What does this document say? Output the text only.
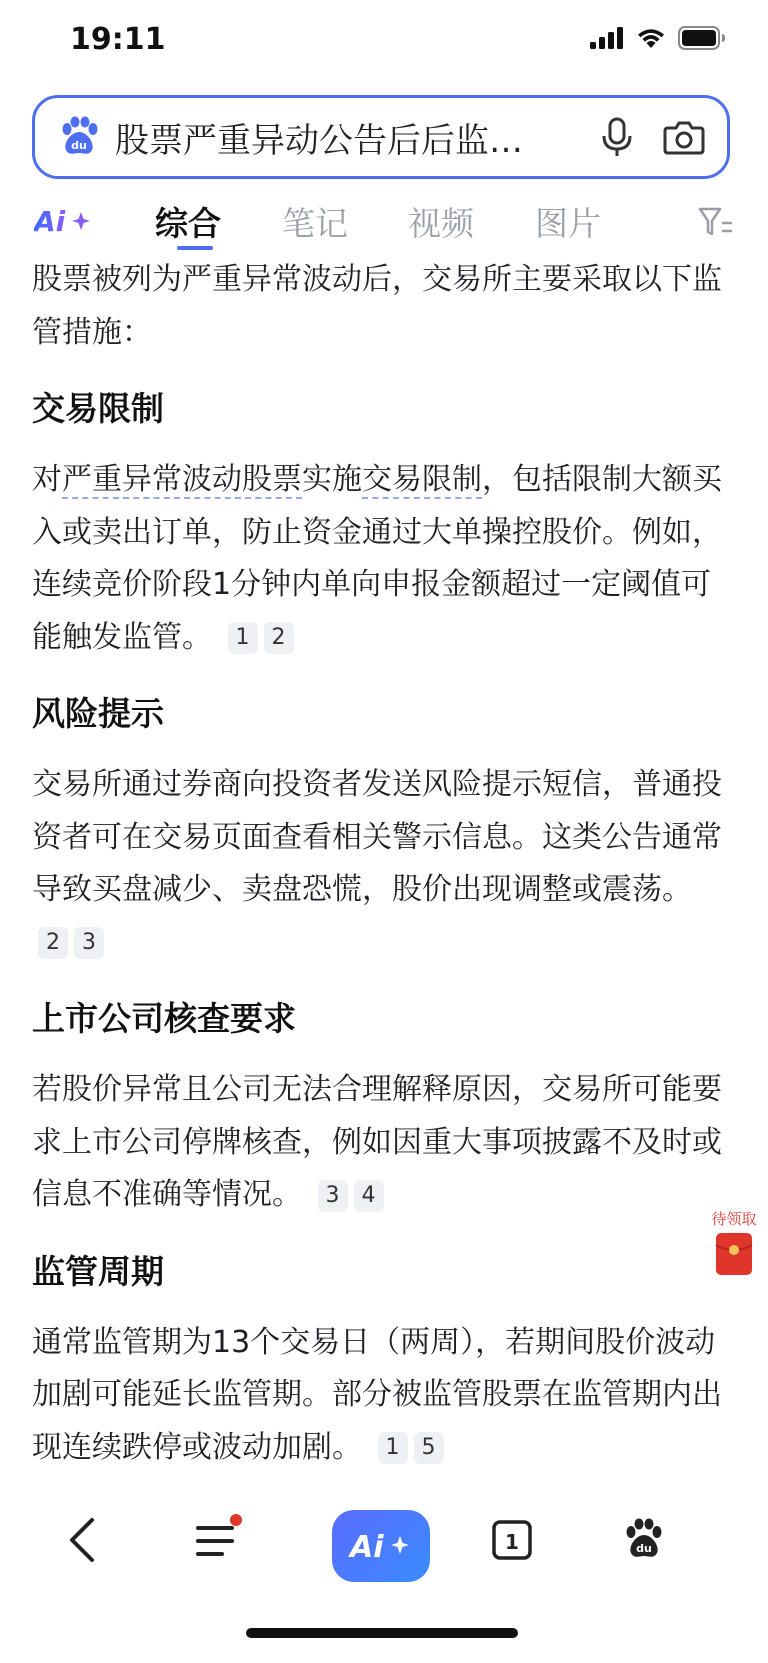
19:11
du 股票严重异动公告后后监…
Ai	综合 笔记 视频 图片

股票被列为严重异常波动后，交易所主要采取以下监管措施：

交易限制

对严重异常波动股票实施交易限制，包括限制大额买入或卖出订单，防止资金通过大单操控股价。例如，连续竞价阶段1分钟内单向申报金额超过一定阈值可能触发监管。 1 2

风险提示

交易所通过券商向投资者发送风险提示短信，普通投资者可在交易页面查看相关警示信息。这类公告通常导致买盘减少、卖盘恐慌，股价出现调整或震荡。 2 3

上市公司核查要求

若股价异常且公司无法合理解释原因，交易所可能要求上市公司停牌核查，例如因重大事项披露不及时或信息不准确等情况。 3 4

监管周期

通常监管期为13个交易日（两周），若期间股价波动加剧可能延长监管期。部分被监管股票在监管期内出现连续跌停或波动加剧。 1 5

待领取
Ai	1	du
